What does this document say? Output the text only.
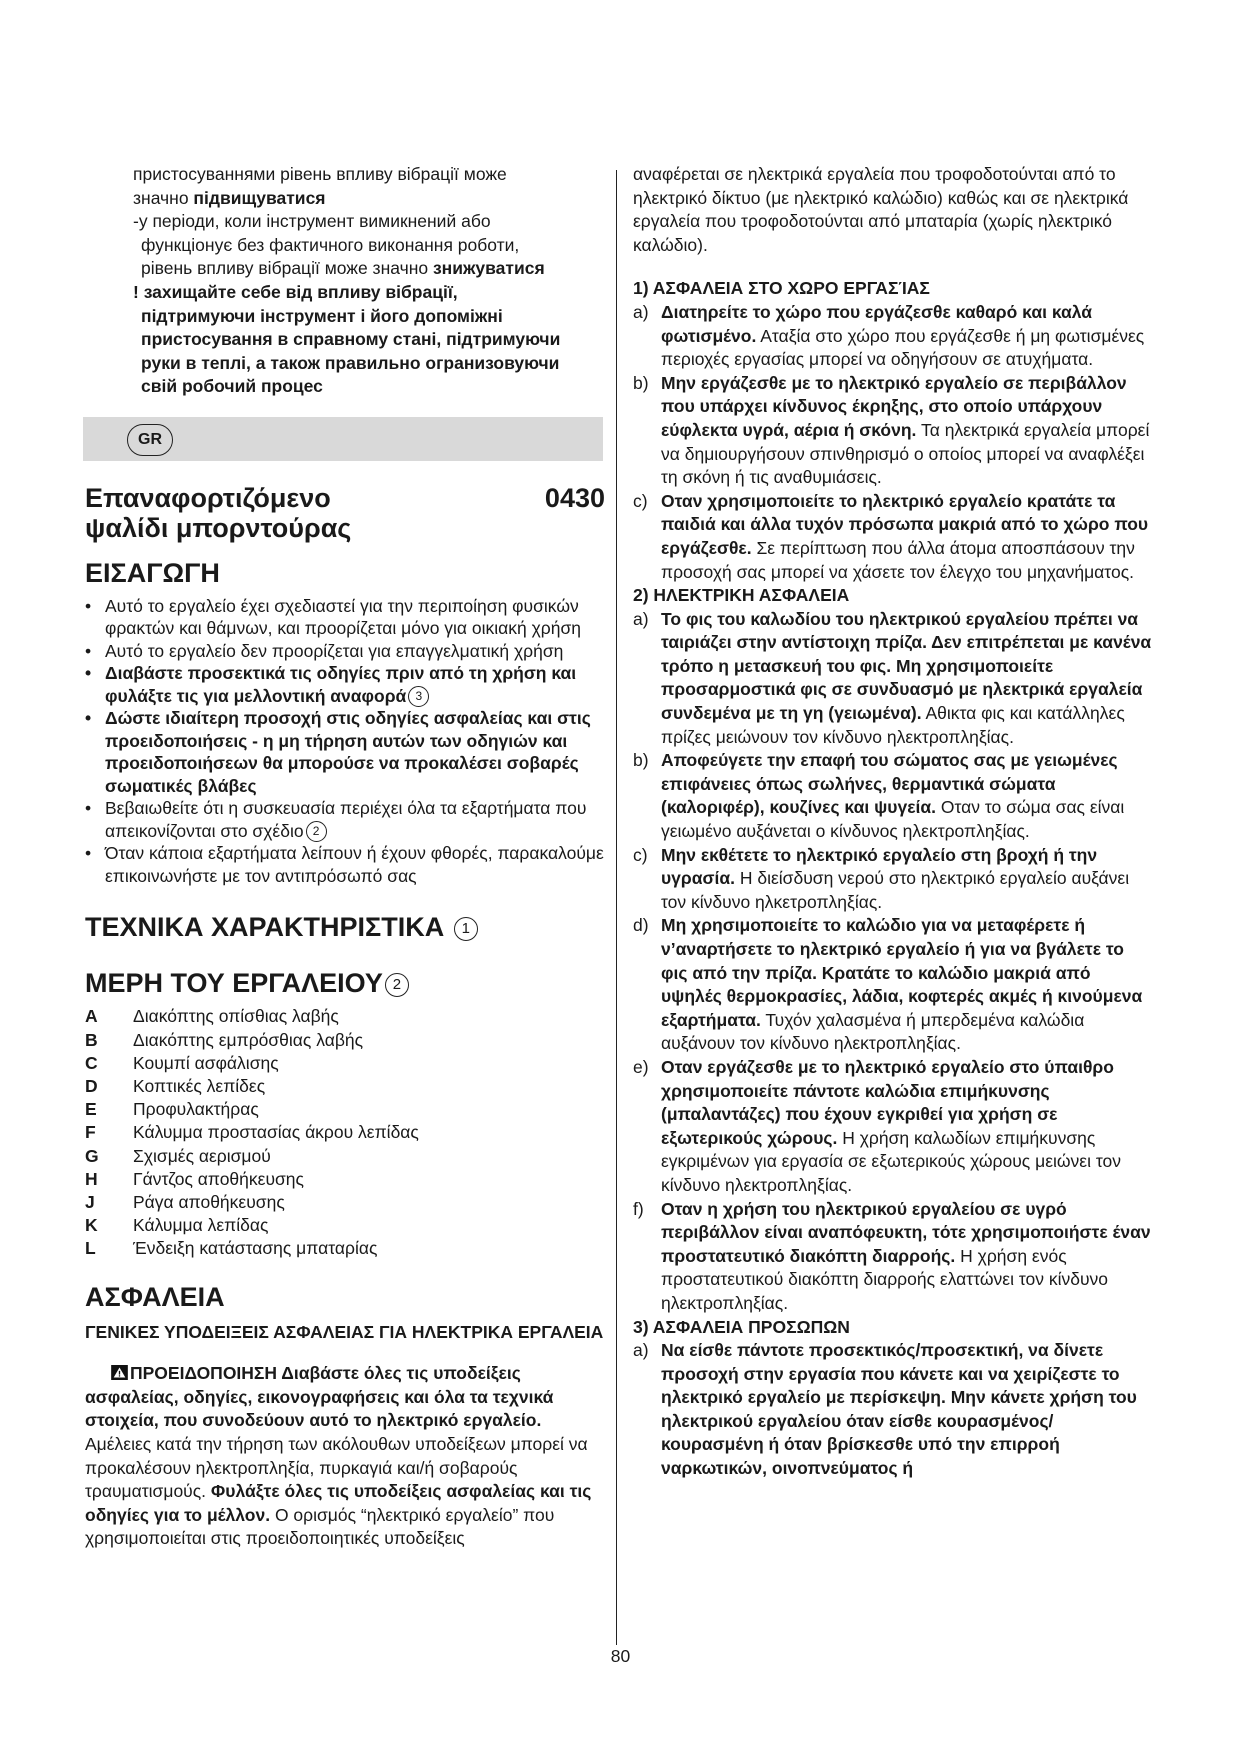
пристосуваннями рівень впливу вібрації може
значно підвищуватися
-у періоди, коли інструмент вимикнений або
функціонує без фактичного виконання роботи,
рівень впливу вібрації може значно знижуватися
! захищайте себе від впливу вібрації,
підтримуючи інструмент і його допоміжні
пристосування в справному стані, підтримуючи
руки в теплі, а також правильно огранизовуючи
свій робочий процес
GR
Επαναφορτιζόμενο
ψαλίδι μπορντούρας
0430
ΕΙΣΑΓΩΓΗ
• Αυτό το εργαλείο έχει σχεδιαστεί για την περιποίηση φυσικών φρακτών και θάμνων, και προορίζεται μόνο για οικιακή χρήση
• Αυτό το εργαλείο δεν προορίζεται για επαγγελματική χρήση
• Διαβάστε προσεκτικά τις οδηγίες πριν από τη χρήση και φυλάξτε τις για μελλοντική αναφορά 3
• Δώστε ιδιαίτερη προσοχή στις οδηγίες ασφαλείας και στις προειδοποιήσεις - η μη τήρηση αυτών των οδηγιών και προειδοποιήσεων θα μπορούσε να προκαλέσει σοβαρές σωματικές βλάβες
• Βεβαιωθείτε ότι η συσκευασία περιέχει όλα τα εξαρτήματα που απεικονίζονται στο σχέδιο 2
• Όταν κάποια εξαρτήματα λείπουν ή έχουν φθορές, παρακαλούμε επικοινωνήστε με τον αντιπρόσωπό σας
ΤΕΧΝΙΚΑ ΧΑΡΑΚΤΗΡΙΣΤΙΚΑ 1
ΜΕΡΗ ΤΟΥ ΕΡΓΑΛΕΙΟΥ 2
A	Διακόπτης οπίσθιας λαβής
B	Διακόπτης εμπρόσθιας λαβής
C	Κουμπί ασφάλισης
D	Κοπτικές λεπίδες
E	Προφυλακτήρας
F	Κάλυμμα προστασίας άκρου λεπίδας
G	Σχισμές αερισμού
H	Γάντζος αποθήκευσης
J	Ράγα αποθήκευσης
K	Κάλυμμα λεπίδας
L	Ένδειξη κατάστασης μπαταρίας
ΑΣΦΑΛΕΙΑ
ΓΕΝΙΚΕΣ ΥΠΟΔΕΙΞΕΙΣ ΑΣΦΑΛΕΙΑΣ ΓΙΑ ΗΛΕΚΤΡΙΚΑ ΕΡΓΑΛΕΙΑ
ΠΡΟΕΙΔΟΠΟΙΗΣΗ Διαβάστε όλες τις υποδείξεις ασφαλείας, οδηγίες, εικονογραφήσεις και όλα τα τεχνικά στοιχεία, που συνοδεύουν αυτό το ηλεκτρικό εργαλείο. Αμέλειες κατά την τήρηση των ακόλουθων υποδείξεων μπορεί να προκαλέσουν ηλεκτροπληξία, πυρκαγιά και/ή σοβαρούς τραυματισμούς. Φυλάξτε όλες τις υποδείξεις ασφαλείας και τις οδηγίες για το μέλλον. Ο ορισμός “ηλεκτρικό εργαλείο” που χρησιμοποιείται στις προειδοποιητικές υποδείξεις
αναφέρεται σε ηλεκτρικά εργαλεία που τροφοδοτούνται από το ηλεκτρικό δίκτυο (με ηλεκτρικό καλώδιο) καθώς και σε ηλεκτρικά εργαλεία που τροφοδοτούνται από μπαταρία (χωρίς ηλεκτρικό καλώδιο).
1) ΑΣΦΑΛΕΙΑ ΣΤΟ ΧΩΡΟ ΕΡΓΑΣΊΑΣ
a) Διατηρείτε το χώρο που εργάζεσθε καθαρό και καλά φωτισμένο. Αταξία στο χώρο που εργάζεσθε ή μη φωτισμένες περιοχές εργασίας μπορεί να οδηγήσουν σε ατυχήματα.
b) Μην εργάζεσθε με το ηλεκτρικό εργαλείο σε περιβάλλον που υπάρχει κίνδυνος έκρηξης, στο οποίο υπάρχουν εύφλεκτα υγρά, αέρια ή σκόνη. Τα ηλεκτρικά εργαλεία μπορεί να δημιουργήσουν σπινθηρισμό ο οποίος μπορεί να αναφλέξει τη σκόνη ή τις αναθυμιάσεις.
c) Οταν χρησιμοποιείτε το ηλεκτρικό εργαλείο κρατάτε τα παιδιά και άλλα τυχόν πρόσωπα μακριά από το χώρο που εργάζεσθε. Σε περίπτωση που άλλα άτομα αποσπάσουν την προσοχή σας μπορεί να χάσετε τον έλεγχο του μηχανήματος.
2) ΗΛΕΚΤΡΙΚΗ ΑΣΦΑΛΕΙΑ
a) Το φις του καλωδίου του ηλεκτρικού εργαλείου πρέπει να ταιριάζει στην αντίστοιχη πρίζα. Δεν επιτρέπεται με κανένα τρόπο η μετασκευή του φις. Μη χρησιμοποιείτε προσαρμοστικά φις σε συνδυασμό με ηλεκτρικά εργαλεία συνδεμένα με τη γη (γειωμένα). Αθικτα φις και κατάλληλες πρίζες μειώνουν τον κίνδυνο ηλεκτροπληξίας.
b) Αποφεύγετε την επαφή του σώματος σας με γειωμένες επιφάνειες όπως σωλήνες, θερμαντικά σώματα (καλοριφέρ), κουζίνες και ψυγεία. Οταν το σώμα σας είναι γειωμένο αυξάνεται ο κίνδυνος ηλεκτροπληξίας.
c) Μην εκθέτετε το ηλεκτρικό εργαλείο στη βροχή ή την υγρασία. Η διείσδυση νερού στο ηλεκτρικό εργαλείο αυξάνει τον κίνδυνο ηλκετροπληξίας.
d) Μη χρησιμοποιείτε το καλώδιο για να μεταφέρετε ή ν’αναρτήσετε το ηλεκτρικό εργαλείο ή για να βγάλετε το φις από την πρίζα. Κρατάτε το καλώδιο μακριά από υψηλές θερμοκρασίες, λάδια, κοφτερές ακμές ή κινούμενα εξαρτήματα. Τυχόν χαλασμένα ή μπερδεμένα καλώδια αυξάνουν τον κίνδυνο ηλεκτροπληξίας.
e) Οταν εργάζεσθε με το ηλεκτρικό εργαλείο στο ύπαιθρο χρησιμοποιείτε πάντοτε καλώδια επιμήκυνσης (μπαλαντάζες) που έχουν εγκριθεί για χρήση σε εξωτερικούς χώρους. Η χρήση καλωδίων επιμήκυνσης εγκριμένων για εργασία σε εξωτερικούς χώρους μειώνει τον κίνδυνο ηλεκτροπληξίας.
f) Οταν η χρήση του ηλεκτρικού εργαλείου σε υγρό περιβάλλον είναι αναπόφευκτη, τότε χρησιμοποιήστε έναν προστατευτικό διακόπτη διαρροής. Η χρήση ενός προστατευτικού διακόπτη διαρροής ελαττώνει τον κίνδυνο ηλεκτροπληξίας.
3) ΑΣΦΑΛΕΙΑ ΠΡΟΣΩΠΩΝ
a) Να είσθε πάντοτε προσεκτικός/προσεκτική, να δίνετε προσοχή στην εργασία που κάνετε και να χειρίζεστε το ηλεκτρικό εργαλείο με περίσκεψη. Μην κάνετε χρήση του ηλεκτρικού εργαλείου όταν είσθε κουρασμένος/κουρασμένη ή όταν βρίσκεσθε υπό την επιρροή ναρκωτικών, οινοπνεύματος ή
80
